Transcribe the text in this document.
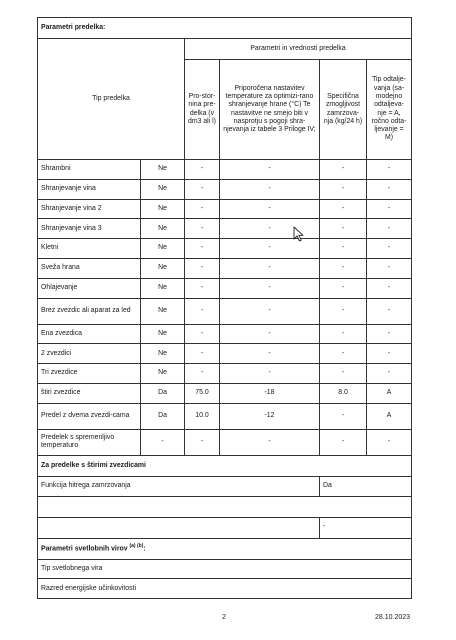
Parametri predelka:					
Tip predelka		Parametri in vrednosti predelka			
		Pro-stor-nina pre-delka (v dm3 ali l)	Priporočena nastavitev temperature za optimizi-rano shranjevanje hrane (°C) Te nastavitve ne smejo biti v nasprotju s pogoji shra-njevanja iz tabele 3 Priloge IV;	Specifična zmogljivost zamrzova-nja (kg/24 h)	Tip odtalje-vanja (sa-modejno odtaljeva-nje = A, ročno odta-ljevanje = M)
Shrambni	Ne	-	-	-	-
Shranjevanje vina	Ne	-	-	-	-
Shranjevanje vina 2	Ne	-	-	-	-
Shranjevanje vina 3	Ne	-	-	-	-
Kletni	Ne	-	-	-	-
Sveža hrana	Ne	-	-	-	-
Ohlajevanje	Ne	-	-	-	-
Brez zvezdic ali aparat za led	Ne	-	-	-	-
Ena zvezdica	Ne	-	-	-	-
2 zvezdici	Ne	-	-	-	-
Tri zvezdice	Ne	-	-	-	-
štiri zvezdice	Da	75.0	-18	8.0	A
Predel z dvema zvezdi-cama	Da	10.0	-12	-	A
Predelek s spremenljivo temperaturo	-	-	-	-	-
Za predelke s štirimi zvezdicami					
Funkcija hitrega zamrzovanja				Da	

				-	
Parametri svetlobnih virov $^{(a) (b)}$:					
Tip svetlobnega vira					
Razred energijske učinkovitosti					
2	28.10.2023
